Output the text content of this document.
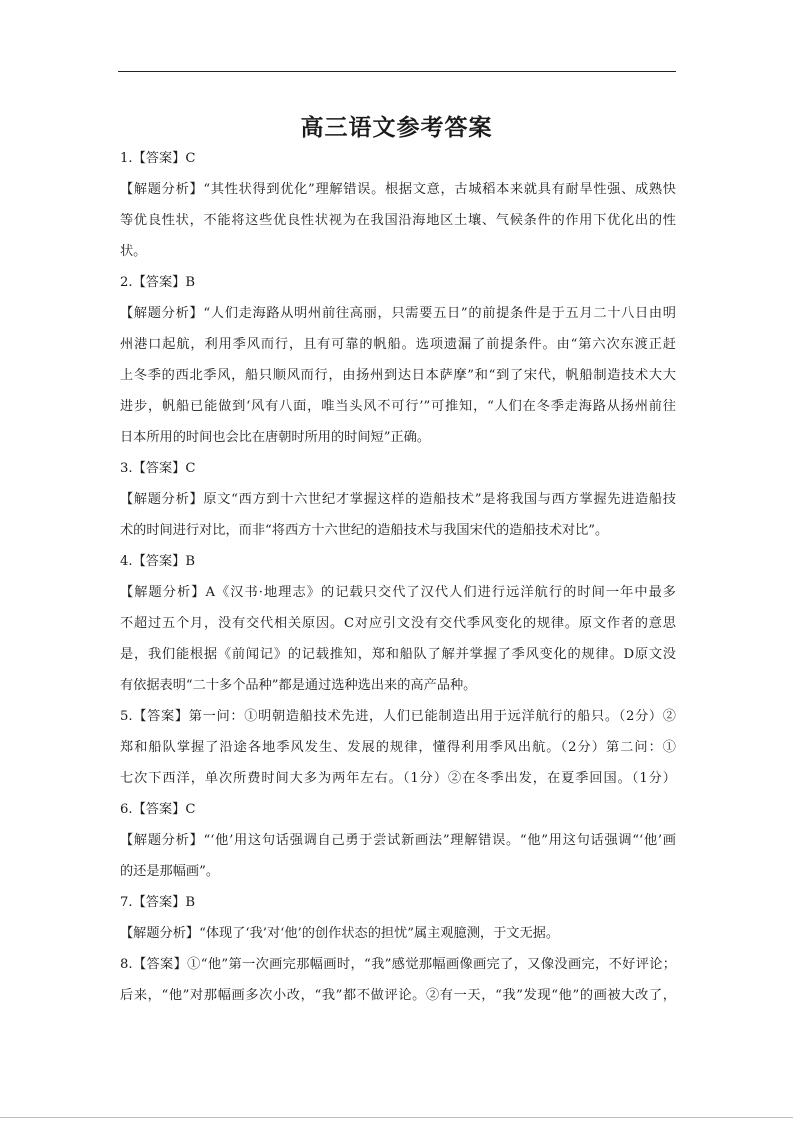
高三语文参考答案
1.【答案】C
【解题分析】“其性状得到优化”理解错误。根据文意，古城稻本来就具有耐旱性强、成熟快
等优良性状，不能将这些优良性状视为在我国沿海地区土壤、气候条件的作用下优化出的性
状。
2.【答案】B
【解题分析】“人们走海路从明州前往高丽，只需要五日”的前提条件是于五月二十八日由明
州港口起航，利用季风而行，且有可靠的帆船。选项遗漏了前提条件。由“第六次东渡正赶
上冬季的西北季风，船只顺风而行，由扬州到达日本萨摩”和“到了宋代，帆船制造技术大大
进步，帆船已能做到‘风有八面，唯当头风不可行’”可推知，“人们在冬季走海路从扬州前往
日本所用的时间也会比在唐朝时所用的时间短”正确。
3.【答案】C
【解题分析】原文“西方到十六世纪才掌握这样的造船技术”是将我国与西方掌握先进造船技
术的时间进行对比，而非“将西方十六世纪的造船技术与我国宋代的造船技术对比”。
4.【答案】B
【解题分析】A《汉书·地理志》的记载只交代了汉代人们进行远洋航行的时间一年中最多
不超过五个月，没有交代相关原因。C对应引文没有交代季风变化的规律。原文作者的意思
是，我们能根据《前闻记》的记载推知，郑和船队了解并掌握了季风变化的规律。D原文没
有依据表明“二十多个品种”都是通过选种选出来的高产品种。
5.【答案】第一问：①明朝造船技术先进，人们已能制造出用于远洋航行的船只。（2分）②
郑和船队掌握了沿途各地季风发生、发展的规律，懂得利用季风出航。（2分）第二问：①
七次下西洋，单次所费时间大多为两年左右。（1分）②在冬季出发，在夏季回国。（1分）
6.【答案】C
【解题分析】“‘他’用这句话强调自己勇于尝试新画法”理解错误。“他”用这句话强调“‘他’画
的还是那幅画”。
7.【答案】B
【解题分析】“体现了‘我’对‘他’的创作状态的担忧”属主观臆测，于文无据。
8.【答案】①“他”第一次画完那幅画时，“我”感觉那幅画像画完了，又像没画完，不好评论；
后来，“他”对那幅画多次小改，“我”都不做评论。②有一天，“我”发现“他”的画被大改了，
